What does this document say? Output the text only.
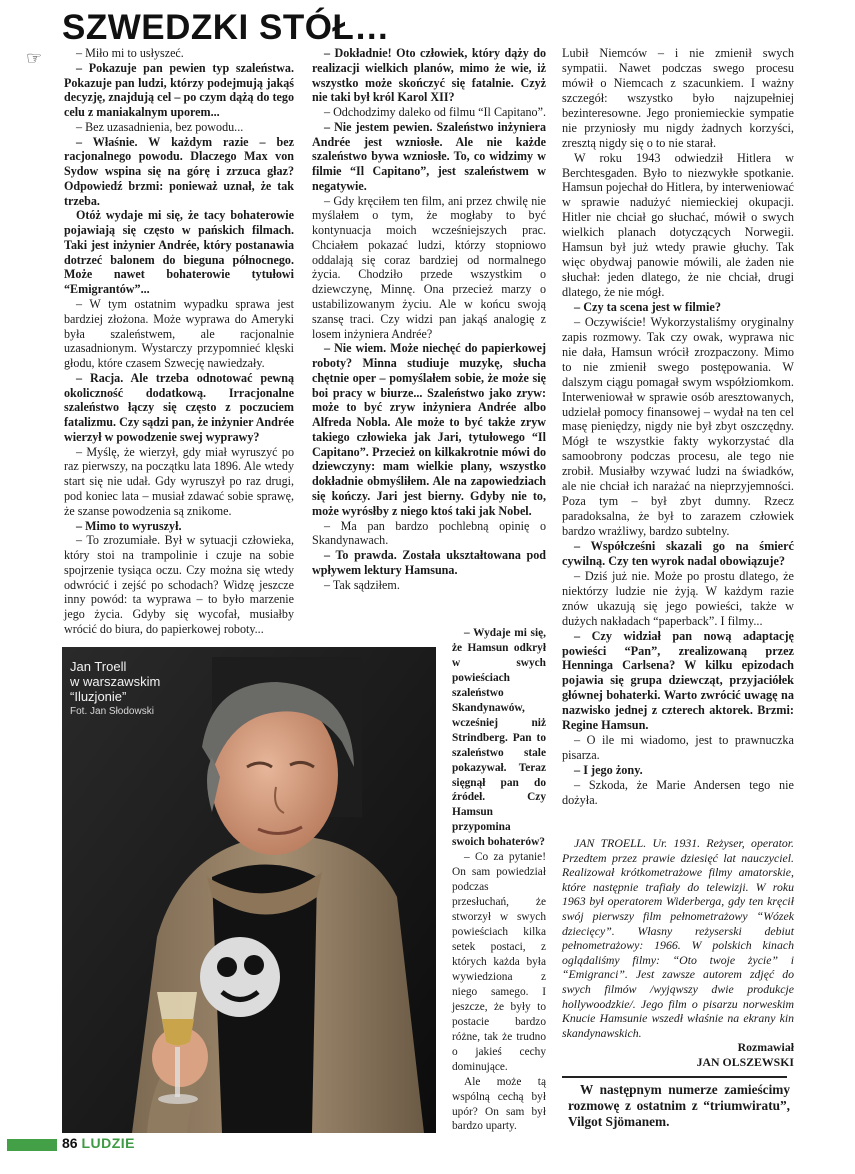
SZWEDZKI STÓŁ…
☞	– Miło mi to usłyszeć.

– Pokazuje pan pewien typ szaleństwa. Pokazuje pan ludzi, którzy podejmują jakąś decyzję, znajdują cel – po czym dążą do tego celu z maniakalnym uporem...

– Bez uzasadnienia, bez powodu...

– Właśnie. W każdym razie – bez racjonalnego powodu. Dlaczego Max von Sydow wspina się na górę i zrzuca głaz? Odpowiedź brzmi: ponieważ uznał, że tak trzeba.

Otóż wydaje mi się, że tacy bohaterowie pojawiają się często w pańskich filmach. Taki jest inżynier Andrée, który postanawia dotrzeć balonem do bieguna północnego. Może nawet bohaterowie tytułowi “Emigrantów”...

– W tym ostatnim wypadku sprawa jest bardziej złożona. Może wyprawa do Ameryki była szaleństwem, ale racjonalnie uzasadnionym. Wystarczy przypomnieć klęski głodu, które czasem Szwecję nawiedzały.

– Racja. Ale trzeba odnotować pewną okoliczność dodatkową. Irracjonalne szaleństwo łączy się często z poczuciem fatalizmu. Czy sądzi pan, że inżynier Andrée wierzył w powodzenie swej wyprawy?

– Myślę, że wierzył, gdy miał wyruszyć po raz pierwszy, na początku lata 1896. Ale wtedy start się nie udał. Gdy wyruszył po raz drugi, pod koniec lata – musiał zdawać sobie sprawę, że szanse powodzenia są znikome.

– Mimo to wyruszył.

– To zrozumiałe. Był w sytuacji człowieka, który stoi na trampolinie i czuje na sobie spojrzenie tysiąca oczu. Czy można się wtedy odwrócić i zejść po schodach? Widzę jeszcze inny powód: ta wyprawa – to było marzenie jego życia. Gdyby się wycofał, musiałby wrócić do biura, do papierkowej roboty...

– Dokładnie! Oto człowiek, który dąży do realizacji wielkich planów, mimo że wie, iż wszystko może skończyć się fatalnie. Czyż nie taki był król Karol XII?

– Odchodzimy daleko od filmu “Il Capitano”.

– Nie jestem pewien. Szaleństwo inżyniera Andrée jest wzniosłe. Ale nie każde szaleństwo bywa wzniosłe. To, co widzimy w filmie “Il Capitano”, jest szaleństwem w negatywie.

– Gdy kręciłem ten film, ani przez chwilę nie myślałem o tym, że mogłaby to być kontynuacja moich wcześniejszych prac. Chciałem pokazać ludzi, którzy stopniowo oddalają się coraz bardziej od normalnego życia. Chodziło przede wszystkim o dziewczynę, Minnę. Ona przecież marzy o ustabilizowanym życiu. Ale w końcu swoją szansę traci. Czy widzi pan jakąś analogię z losem inżyniera Andrée?

– Nie wiem. Może niechęć do papierkowej roboty? Minna studiuje muzykę, słucha chętnie oper – pomyślałem sobie, że może się boi pracy w biurze... Szaleństwo jako zryw: może to być zryw inżyniera Andrée albo Alfreda Nobla. Ale może to być także zryw takiego człowieka jak Jari, tytułowego “Il Capitano”. Przecież on kilkakrotnie mówi do dziewczyny: mam wielkie plany, wszystko dokładnie obmyśliłem. Ale na zapowiedziach się kończy. Jari jest bierny. Gdyby nie to, może wyrósłby z niego ktoś taki jak Nobel.

– Ma pan bardzo pochlebną opinię o Skandynawach.

– To prawda. Została ukształtowana pod wpływem lektury Hamsuna.

– Tak sądziłem.

– Wydaje mi się, że Hamsun odkrył w swych powieściach szaleństwo Skandynawów, wcześniej niż Strindberg. Pan to szaleństwo stale pokazywał. Teraz sięgnął pan do źródeł. Czy Hamsun przypomina swoich bohaterów?

– Co za pytanie! On sam powiedział podczas przesłuchań, że stworzył w swych powieściach kilka setek postaci, z których każda była wywiedziona z niego samego. I jeszcze, że były to postacie bardzo różne, tak że trudno o jakieś cechy dominujące.

Ale może tą wspólną cechą był upór? On sam był bardzo uparty.

Lubił Niemców – i nie zmienił swych sympatii. Nawet podczas swego procesu mówił o Niemcach z szacunkiem. I ważny szczegół: wszystko było najzupełniej bezinteresowne. Jego proniemieckie sympatie nie przyniosły mu nigdy żadnych korzyści, zresztą nigdy się o to nie starał.

W roku 1943 odwiedził Hitlera w Berchtesgaden. Było to niezwykłe spotkanie. Hamsun pojechał do Hitlera, by interweniować w sprawie nadużyć niemieckiej okupacji. Hitler nie chciał go słuchać, mówił o swych wielkich planach dotyczących Norwegii. Hamsun był już wtedy prawie głuchy. Tak więc obydwaj panowie mówili, ale żaden nie słuchał: jeden dlatego, że nie chciał, drugi dlatego, że nie mógł.

– Czy ta scena jest w filmie?

– Oczywiście! Wykorzystaliśmy oryginalny zapis rozmowy. Tak czy owak, wyprawa nic nie dała, Hamsun wrócił zrozpaczony. Mimo to nie zmienił swego postępowania. W dalszym ciągu pomagał swym współziomkom. Interweniował w sprawie osób aresztowanych, udzielał pomocy finansowej – wydał na ten cel masę pieniędzy, nigdy nie był zbyt oszczędny. Mógł te wszystkie fakty wykorzystać dla samoobrony podczas procesu, ale tego nie zrobił. Musiałby wzywać ludzi na świadków, ale nie chciał ich narażać na nieprzyjemności. Poza tym – był zbyt dumny. Rzecz paradoksalna, że był to zarazem człowiek bardzo wrażliwy, bardzo subtelny.

– Współcześni skazali go na śmierć cywilną. Czy ten wyrok nadal obowiązuje?

– Dziś już nie. Może po prostu dlatego, że niektórzy ludzie nie żyją. W każdym razie znów ukazują się jego powieści, także w dużych nakładach “paperback”. I filmy...

– Czy widział pan nową adaptację powieści “Pan”, zrealizowaną przez Henninga Carlsena? W kilku epizodach pojawia się grupa dziewcząt, przyjaciółek głównej bohaterki. Warto zwrócić uwagę na nazwisko jednej z czterech aktorek. Brzmi: Regine Hamsun.

– O ile mi wiadomo, jest to prawnuczka pisarza.

– I jego żony.

– Szkoda, że Marie Andersen tego nie dożyła.

JAN TROELL. Ur. 1931. Reżyser, operator. Przedtem przez prawie dziesięć lat nauczyciel. Realizował krótkometrażowe filmy amatorskie, które następnie trafiały do telewizji. W roku 1963 był operatorem Widerberga, gdy ten kręcił swój pierwszy film pełnometrażowy “Wózek dziecięcy”. Własny reżyserski debiut pełnometrażowy: 1966. W polskich kinach oglądaliśmy filmy: “Oto twoje życie” i “Emigranci”. Jest zawsze autorem zdjęć do swych filmów /wyjąwszy dwie produkcje hollywoodzkie/. Jego film o pisarzu norweskim Knucie Hamsunie wszedł właśnie na ekrany kin skandynawskich.

Rozmawiał

JAN OLSZEWSKI

W następnym numerze zamieścimy rozmowę z ostatnim z “triumwiratu”, Vilgot Sjömanem.

Jan Troell
w warszawskim
“Iluzjonie”
Fot. Jan Słodowski
86 LUDZIE
